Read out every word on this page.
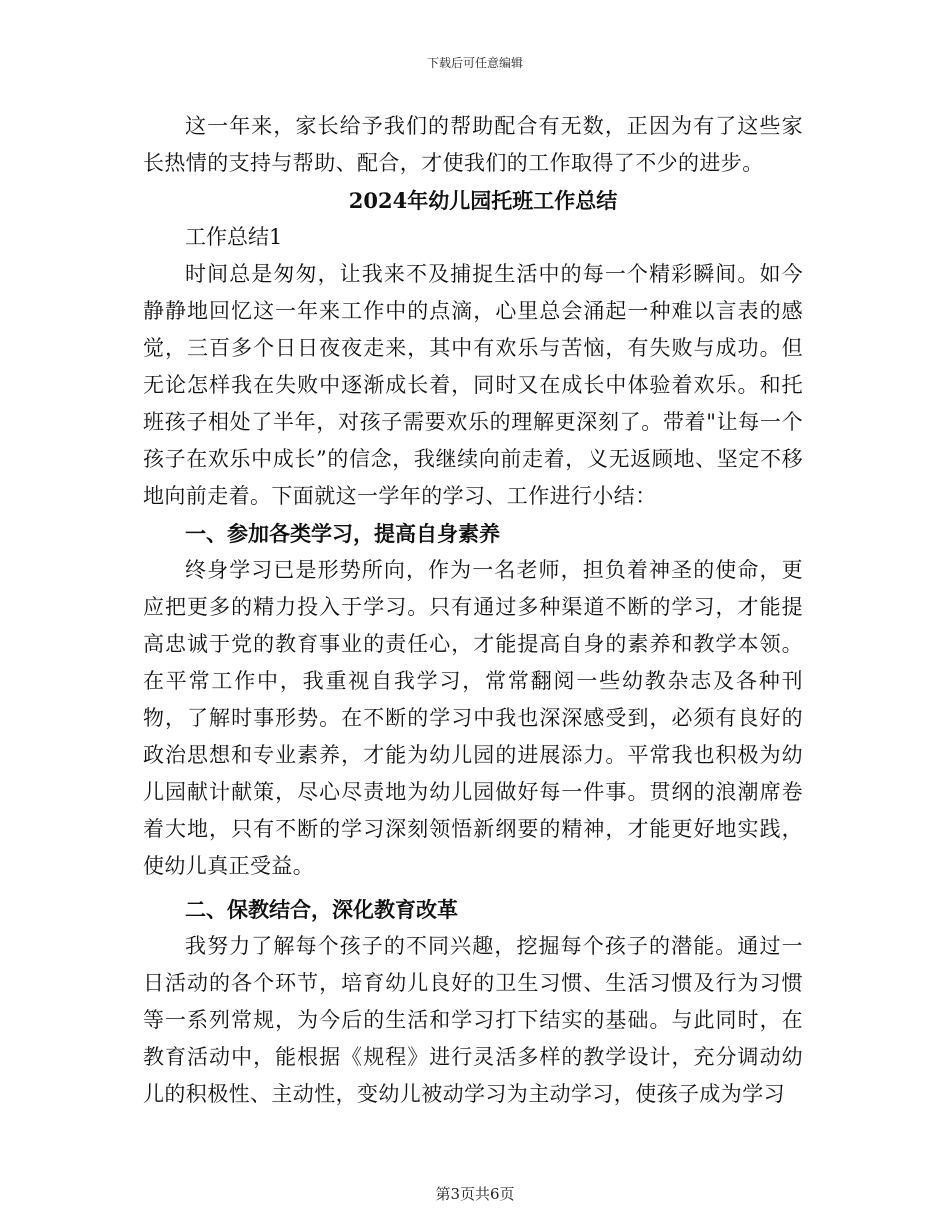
下载后可任意编辑

这一年来，家长给予我们的帮助配合有无数，正因为有了这些家长热情的支持与帮助、配合，才使我们的工作取得了不少的进步。

2024年幼儿园托班工作总结

工作总结1

时间总是匆匆，让我来不及捕捉生活中的每一个精彩瞬间。如今静静地回忆这一年来工作中的点滴，心里总会涌起一种难以言表的感觉，三百多个日日夜夜走来，其中有欢乐与苦恼，有失败与成功。但无论怎样我在失败中逐渐成长着，同时又在成长中体验着欢乐。和托班孩子相处了半年，对孩子需要欢乐的理解更深刻了。带着"让每一个孩子在欢乐中成长”的信念，我继续向前走着，义无返顾地、坚定不移地向前走着。下面就这一学年的学习、工作进行小结：

一、参加各类学习，提高自身素养

终身学习已是形势所向，作为一名老师，担负着神圣的使命，更应把更多的精力投入于学习。只有通过多种渠道不断的学习，才能提高忠诚于党的教育事业的责任心，才能提高自身的素养和教学本领。在平常工作中，我重视自我学习，常常翻阅一些幼教杂志及各种刊物，了解时事形势。在不断的学习中我也深深感受到，必须有良好的政治思想和专业素养，才能为幼儿园的进展添力。平常我也积极为幼儿园献计献策，尽心尽责地为幼儿园做好每一件事。贯纲的浪潮席卷着大地，只有不断的学习深刻领悟新纲要的精神，才能更好地实践，使幼儿真正受益。

二、保教结合，深化教育改革

我努力了解每个孩子的不同兴趣，挖掘每个孩子的潜能。通过一日活动的各个环节，培育幼儿良好的卫生习惯、生活习惯及行为习惯等一系列常规，为今后的生活和学习打下结实的基础。与此同时，在教育活动中，能根据《规程》进行灵活多样的教学设计，充分调动幼儿的积极性、主动性，变幼儿被动学习为主动学习，使孩子成为学习

第3页共6页
